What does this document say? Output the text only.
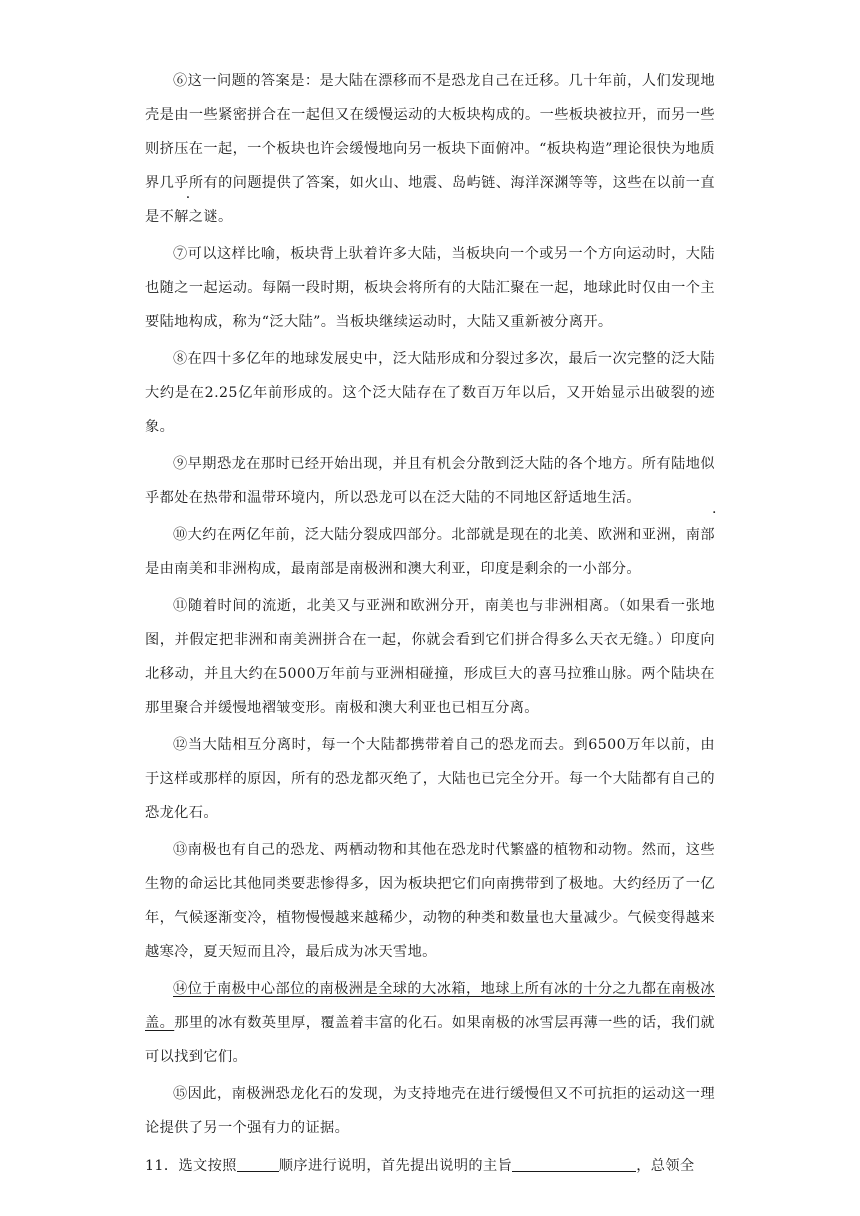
⑥这一问题的答案是：是大陆在漂移而不是恐龙自己在迁移。几十年前，人们发现地壳是由一些紧密拼合在一起但又在缓慢运动的大板块构成的。一些板块被拉开，而另一些则挤压在一起，一个板块也许会缓慢地向另一板块下面俯冲。“板块构造”理论很快为地质界几乎所有的问题提供了答案，如火山、地震、岛屿链、海洋深渊等等，这些在以前一直是不解之谜。

⑦可以这样比喻，板块背上驮着许多大陆，当板块向一个或另一个方向运动时，大陆也随之一起运动。每隔一段时期，板块会将所有的大陆汇聚在一起，地球此时仅由一个主要陆地构成，称为“泛大陆”。当板块继续运动时，大陆又重新被分离开。

⑧在四十多亿年的地球发展史中，泛大陆形成和分裂过多次，最后一次完整的泛大陆大约是在2.25亿年前形成的。这个泛大陆存在了数百万年以后，又开始显示出破裂的迹象。

⑨早期恐龙在那时已经开始出现，并且有机会分散到泛大陆的各个地方。所有陆地似乎都处在热带和温带环境内，所以恐龙可以在泛大陆的不同地区舒适地生活。

⑩大约在两亿年前，泛大陆分裂成四部分。北部就是现在的北美、欧洲和亚洲，南部是由南美和非洲构成，最南部是南极洲和澳大利亚，印度是剩余的一小部分。

⑪随着时间的流逝，北美又与亚洲和欧洲分开，南美也与非洲相离。（如果看一张地图，并假定把非洲和南美洲拼合在一起，你就会看到它们拼合得多么天衣无缝。）印度向北移动，并且大约在5000万年前与亚洲相碰撞，形成巨大的喜马拉雅山脉。两个陆块在那里聚合并缓慢地褶皱变形。南极和澳大利亚也已相互分离。

⑫当大陆相互分离时，每一个大陆都携带着自己的恐龙而去。到6500万年以前，由于这样或那样的原因，所有的恐龙都灭绝了，大陆也已完全分开。每一个大陆都有自己的恐龙化石。

⑬南极也有自己的恐龙、两栖动物和其他在恐龙时代繁盛的植物和动物。然而，这些生物的命运比其他同类要悲惨得多，因为板块把它们向南携带到了极地。大约经历了一亿年，气候逐渐变冷，植物慢慢越来越稀少，动物的种类和数量也大量减少。气候变得越来越寒冷，夏天短而且冷，最后成为冰天雪地。

⑭位于南极中心部位的南极洲是全球的大冰箱，地球上所有冰的十分之九都在南极冰盖。那里的冰有数英里厚，覆盖着丰富的化石。如果南极的冰雪层再薄一些的话，我们就可以找到它们。

⑮因此，南极洲恐龙化石的发现，为支持地壳在进行缓慢但又不可抗拒的运动这一理论提供了另一个强有力的证据。

11．选文按照	顺序进行说明，首先提出说明的主旨	，总领全
